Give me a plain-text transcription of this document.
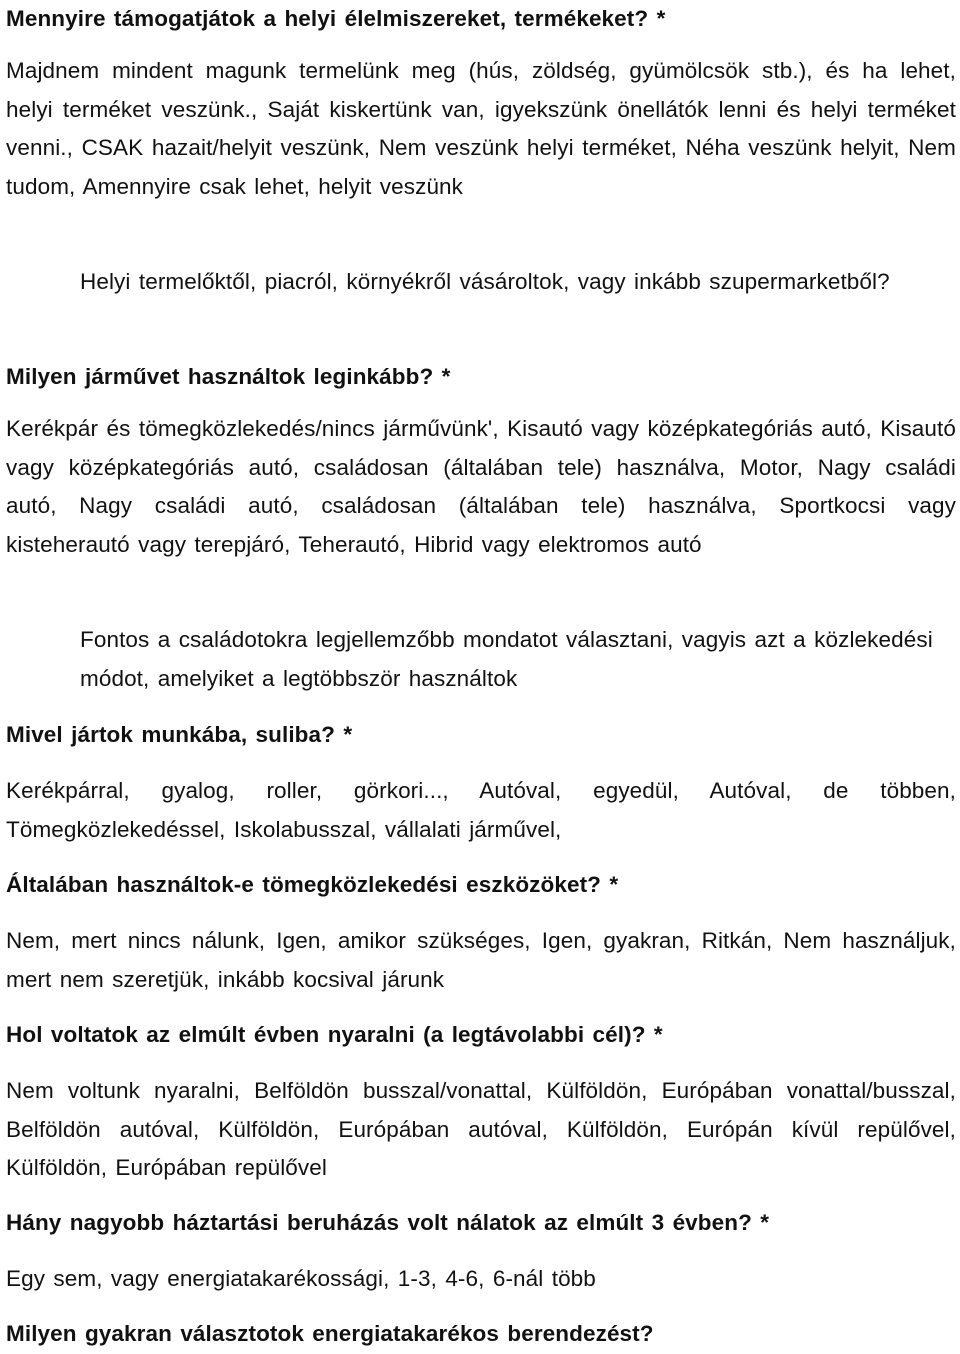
Mennyire támogatjátok a helyi élelmiszereket, termékeket? *
Majdnem mindent magunk termelünk meg (hús, zöldség, gyümölcsök stb.), és ha lehet, helyi terméket veszünk., Saját kiskertünk van, igyekszünk önellátók lenni és helyi terméket venni., CSAK hazait/helyit veszünk, Nem veszünk helyi terméket, Néha veszünk helyit, Nem tudom, Amennyire csak lehet, helyit veszünk
Helyi termelőktől, piacról, környékről vásároltok, vagy inkább szupermarketből?
Milyen járművet használtok leginkább? *
Kerékpár és tömegközlekedés/nincs járművünk', Kisautó vagy középkategóriás autó, Kisautó vagy középkategóriás autó, családosan (általában tele) használva, Motor, Nagy családi autó, Nagy családi autó, családosan (általában tele) használva, Sportkocsi vagy kisteherautó vagy terepjáró, Teherautó, Hibrid vagy elektromos autó
Fontos a családotokra legjellemzőbb mondatot választani, vagyis azt a közlekedési módot, amelyiket a legtöbbször használtok
Mivel jártok munkába, suliba? *
Kerékpárral, gyalog, roller, görkori..., Autóval, egyedül, Autóval, de többen, Tömegközlekedéssel, Iskolabusszal, vállalati járművel,
Általában használtok-e tömegközlekedési eszközöket? *
Nem, mert nincs nálunk, Igen, amikor szükséges, Igen, gyakran, Ritkán, Nem használjuk, mert nem szeretjük, inkább kocsival járunk
Hol voltatok az elmúlt évben nyaralni (a legtávolabbi cél)? *
Nem voltunk nyaralni, Belföldön busszal/vonattal, Külföldön, Európában vonattal/busszal, Belföldön autóval, Külföldön, Európában autóval, Külföldön, Európán kívül repülővel, Külföldön, Európában repülővel
Hány nagyobb háztartási beruházás volt nálatok az elmúlt 3 évben? *
Egy sem, vagy energiatakarékossági, 1-3, 4-6, 6-nál több
Milyen gyakran választotok energiatakarékos berendezést?
